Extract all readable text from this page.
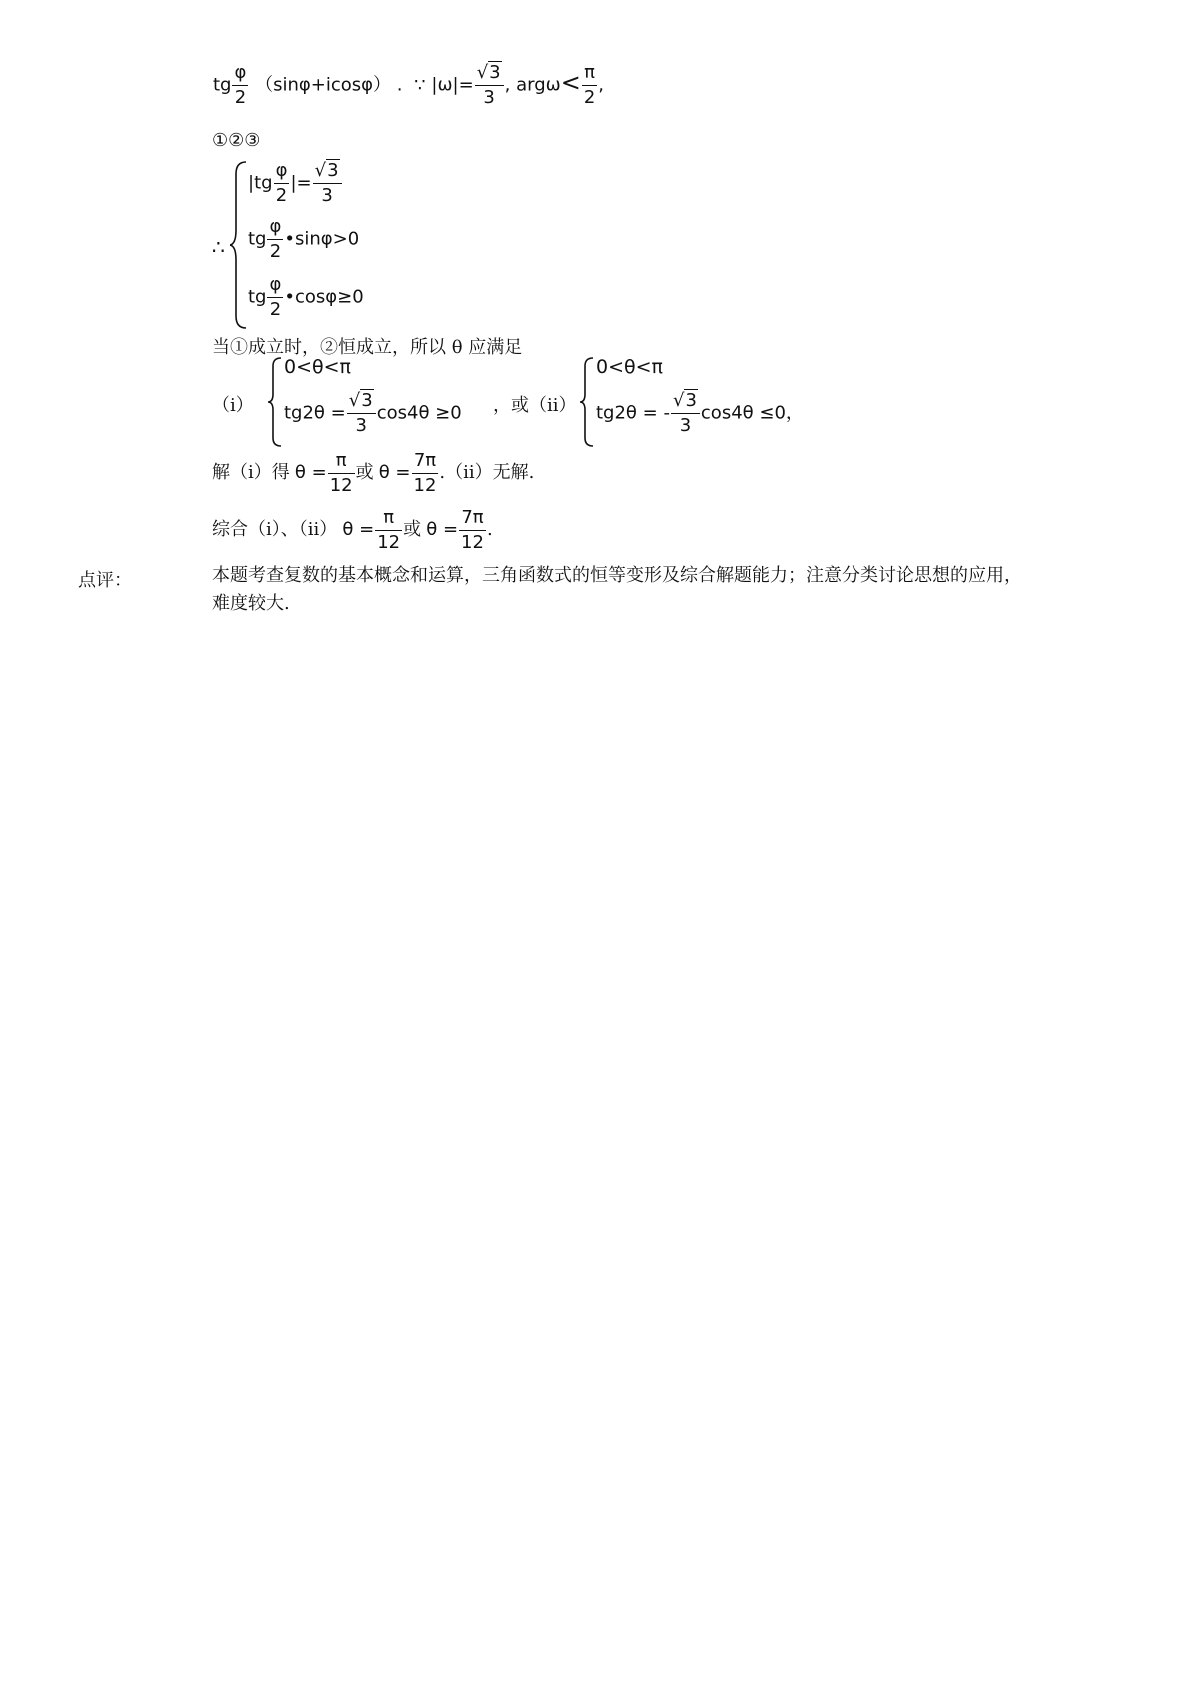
tg $\frac{\varphi}{2} (\sin\varphi+icos\varphi)$ . ∵ $|\omega|= \frac{√3}{3}$ , $arg\omega< \frac{\pi}{2}$ ,
①②③
∴
$|tg \frac{\varphi}{2}$ |= $\frac{√3}{3}$
tg $\frac{\varphi}{2}$ •sinφ>0
tg $\frac{\varphi}{2}$ •cosφ≥0
当①成立时，②恒成立，所以 θ 应满足
（i）
0<θ<π
$tg2\theta = \frac{√3}{3} \cos 4\theta \ge 0$ ，或（ii）
0<θ<π
tg2θ = - $\frac{√3}{3} \cos 4\theta \le 0$，
解（i）得 $\theta = \frac{\pi}{12}$ 或 $\theta = \frac{7\pi}{12} .(ii)$无解.
综合（i）、（ii） $\theta = \frac{\pi}{12}$ 或 $\theta = \frac{7\pi}{12}$ .
点评：	本题考查复数的基本概念和运算，三角函数式的恒等变形及综合解题能力；注意分类讨论思想的应用，
难度较大.
